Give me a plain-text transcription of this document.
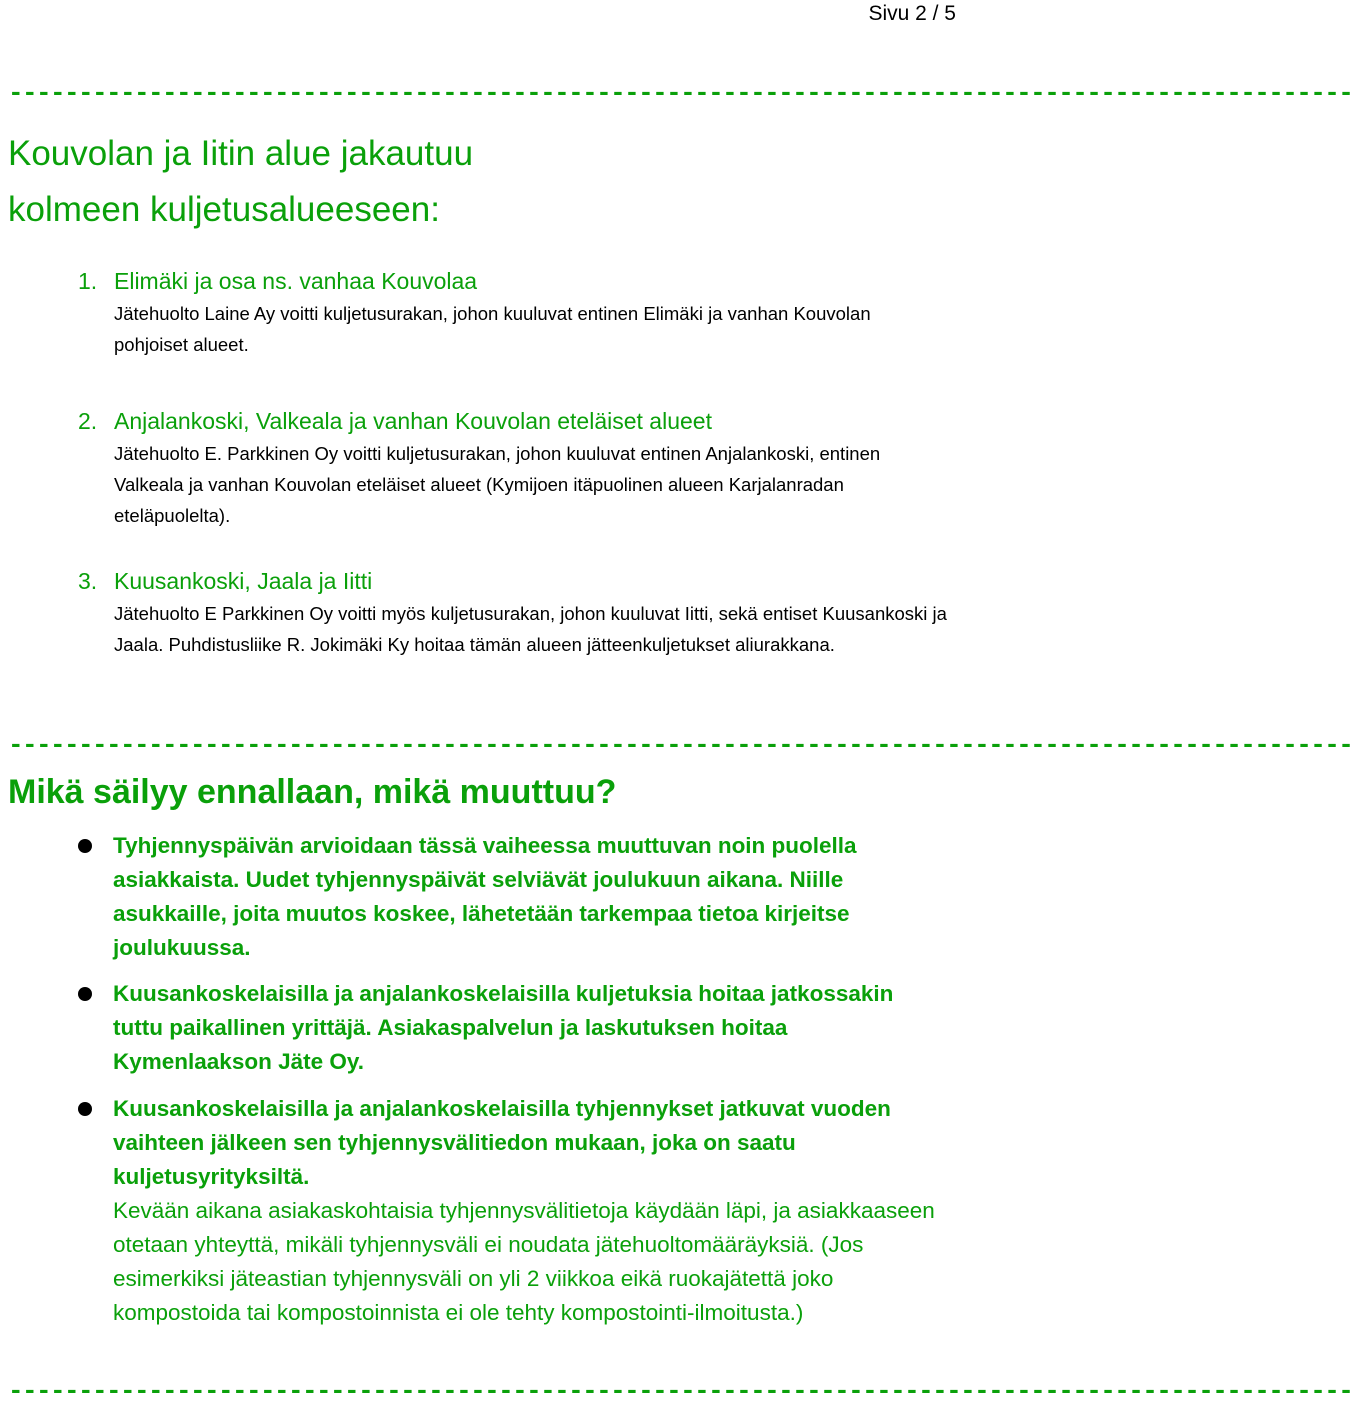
Sivu 2 / 5
------------------------------------------------------------------------------------------------
Kouvolan ja Iitin alue jakautuu
kolmeen kuljetusalueeseen:
1. Elimäki ja osa ns. vanhaa Kouvolaa
Jätehuolto Laine Ay voitti kuljetusurakan, johon kuuluvat entinen Elimäki ja vanhan Kouvolan pohjoiset alueet.
2. Anjalankoski, Valkeala ja vanhan Kouvolan eteläiset alueet
Jätehuolto E. Parkkinen Oy voitti kuljetusurakan, johon kuuluvat entinen Anjalankoski, entinen Valkeala ja vanhan Kouvolan eteläiset alueet (Kymijoen itäpuolinen alueen Karjalanradan eteläpuolelta).
3. Kuusankoski, Jaala ja Iitti
Jätehuolto E Parkkinen Oy voitti myös kuljetusurakan, johon kuuluvat Iitti, sekä entiset Kuusankoski ja Jaala. Puhdistusliike R. Jokimäki Ky hoitaa tämän alueen jätteenkuljetukset aliurakkana.
------------------------------------------------------------------------------------------------
Mikä säilyy ennallaan, mikä muuttuu?
Tyhjennyspäivän arvioidaan tässä vaiheessa muuttuvan noin puolella asiakkaista. Uudet tyhjennyspäivät selviävät joulukuun aikana. Niille asukkaille, joita muutos koskee, lähetetään tarkempaa tietoa kirjeitse joulukuussa.
Kuusankoskelaisilla ja anjalankoskelaisilla kuljetuksia hoitaa jatkossakin tuttu paikallinen yrittäjä. Asiakaspalvelun ja laskutuksen hoitaa Kymenlaakson Jäte Oy.
Kuusankoskelaisilla ja anjalankoskelaisilla tyhjennykset jatkuvat vuoden vaihteen jälkeen sen tyhjennysvälitiedon mukaan, joka on saatu kuljetusyrityksiltä.
Kevään aikana asiakaskohtaisia tyhjennysvälitietoja käydään läpi, ja asiakkaaseen otetaan yhteyttä, mikäli tyhjennysväli ei noudata jätehuoltomääräyksiä. (Jos esimerkiksi jäteastian tyhjennysväli on yli 2 viikkoa eikä ruokajätettä joko kompostoida tai kompostoinnista ei ole tehty kompostointi-ilmoitusta.)
------------------------------------------------------------------------------------------------
